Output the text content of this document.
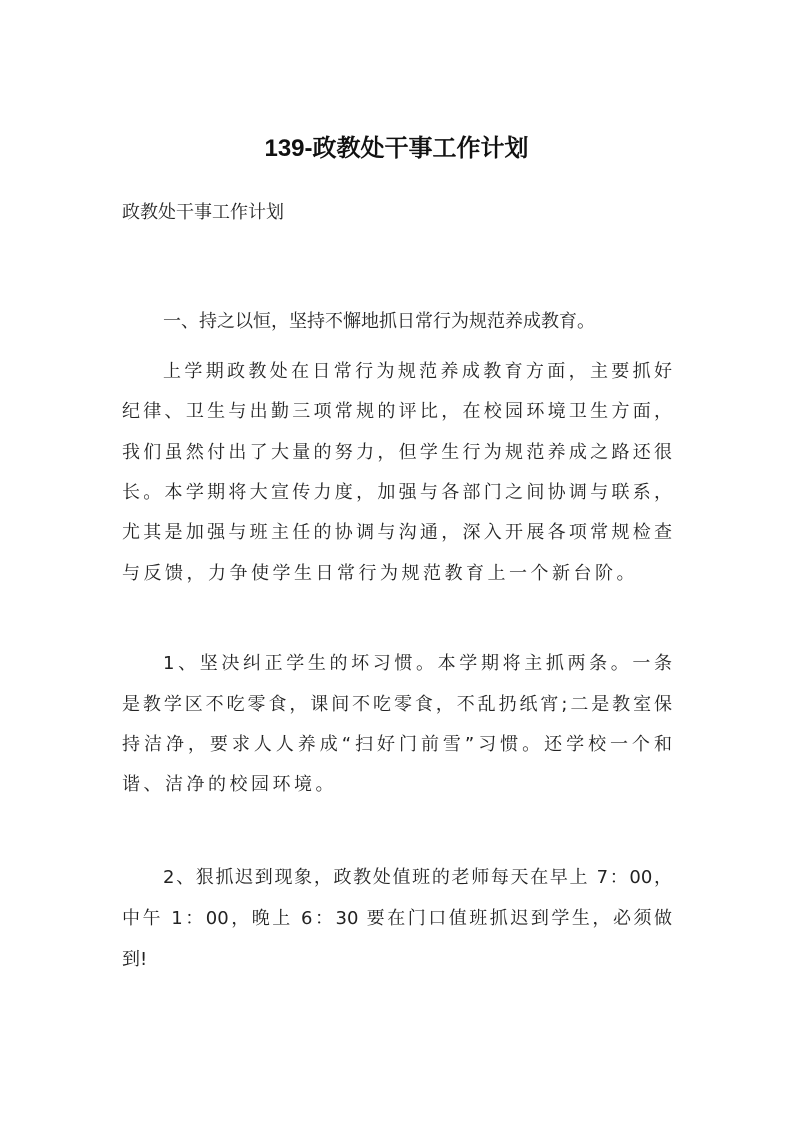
139-政教处干事工作计划
政教处干事工作计划
一、持之以恒，坚持不懈地抓日常行为规范养成教育。
上学期政教处在日常行为规范养成教育方面，主要抓好
纪律、卫生与出勤三项常规的评比，在校园环境卫生方面，
我们虽然付出了大量的努力，但学生行为规范养成之路还很
长。本学期将大宣传力度，加强与各部门之间协调与联系，
尤其是加强与班主任的协调与沟通，深入开展各项常规检查
与反馈，力争使学生日常行为规范教育上一个新台阶。
1、坚决纠正学生的坏习惯。本学期将主抓两条。一条
是教学区不吃零食，课间不吃零食，不乱扔纸宵;二是教室保
持洁净，要求人人养成“扫好门前雪”习惯。还学校一个和
谐、洁净的校园环境。
2、狠抓迟到现象，政教处值班的老师每天在早上 7：00，
中午 1：00，晚上 6：30 要在门口值班抓迟到学生，必须做
到!
